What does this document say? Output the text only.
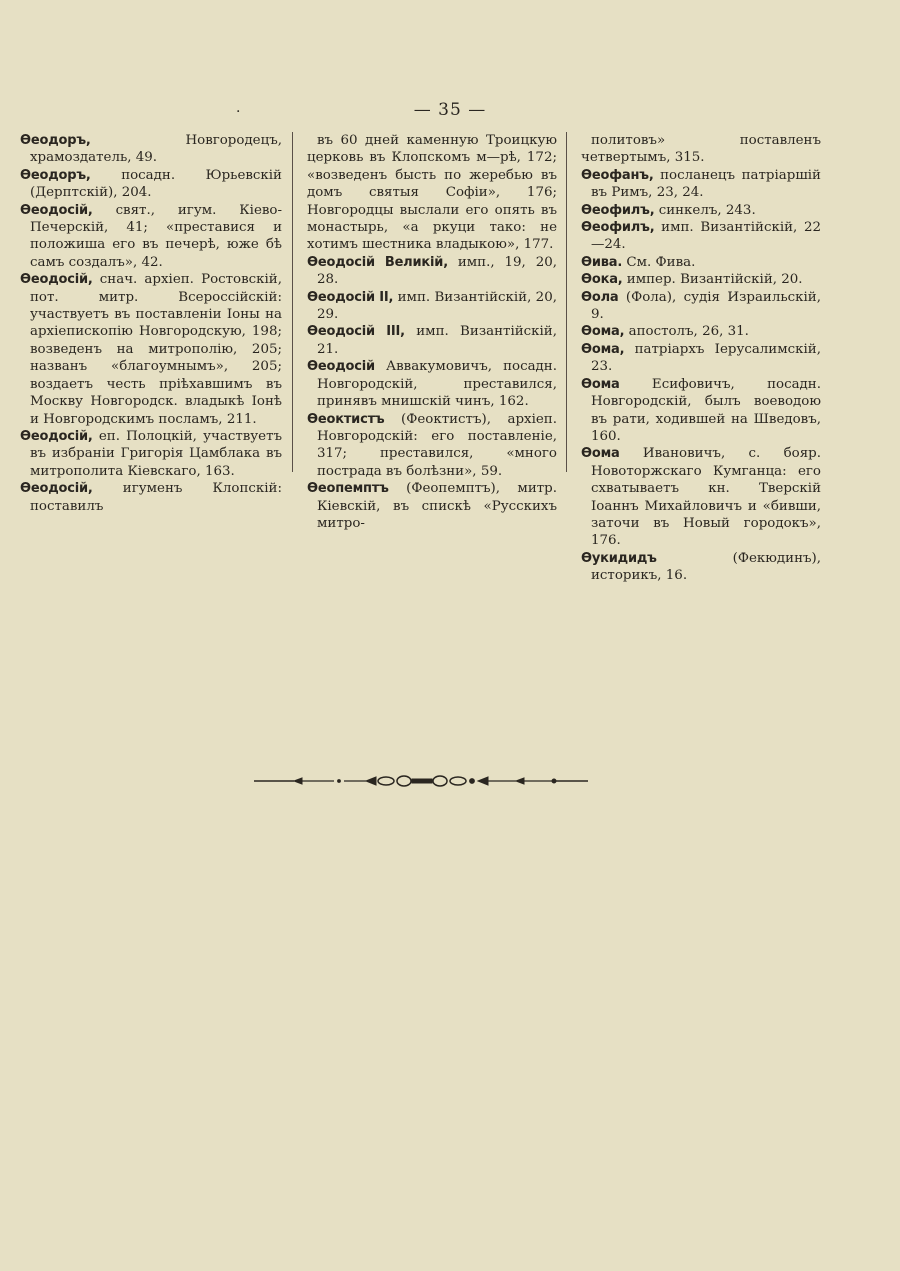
·	— 35 —

Ѳеодоръ,	Новгородецъ, храмоздатель, 49.

Ѳеодоръ, посадн. Юрьевскій (Дерптскій), 204.

Ѳеодосій, свят., игум. Кіево-Печерскій, 41; «преставися и положиша его въ печерѣ, юже бѣ самъ создалъ», 42.

Ѳеодосій, снач. архіеп. Ростовскій, пот. митр. Всероссійскій: участвуетъ въ поставленіи Іоны на архіепископію Новгородскую, 198; возведенъ на митрополію, 205; названъ «благоумнымъ», 205; воздаетъ честь пріѣхавшимъ въ Москву Новгородск. владыкѣ Іонѣ и Новгородскимъ посламъ, 211.

Ѳеодосій, еп. Полоцкій, участвуетъ въ избраніи Григорія Цамблака въ митрополита Кіевскаго, 163.

Ѳеодосій, игуменъ Клопскій: поставилъ

въ 60 дней каменную Троицкую церковь въ Клопскомъ м—рѣ, 172; «возведенъ бысть по жеребью въ домъ святыя Софіи», 176; Новгородцы выслали его опять въ монастырь, «а ркуци тако: не хотимъ шестника владыкою», 177.

Ѳеодосій Великій, имп., 19, 20, 28.

Ѳеодосій II, имп. Византійскій, 20, 29.

Ѳеодосій III, имп. Византійскій, 21.

Ѳеодосій Аввакумовичъ, посадн. Новгородскій, преставился, принявъ мнишскій чинъ, 162.

Ѳеоктистъ (Феоктистъ), архіеп. Новгородскій: его поставленіе, 317; преставился, «много пострада въ болѣзни», 59.

Ѳеопемптъ (Феопемптъ), митр. Кіевскій, въ спискѣ «Русскихъ митро-

политовъ» поставленъ четвертымъ, 315.

Ѳеофанъ, посланецъ патріаршій въ Римъ, 23, 24.

Ѳеофилъ, синкелъ, 243.

Ѳеофилъ, имп. Византійскій, 22—24.

Ѳива. См. Фива.

Ѳока, импер. Византійскій, 20.

Ѳола (Фола), судія Израильскій, 9.

Ѳома, апостолъ, 26, 31.

Ѳома, патріархъ Іерусалимскій, 23.

Ѳома Есифовичъ, посадн. Новгородскій, былъ воеводою въ рати, ходившей на Шведовъ, 160.

Ѳома Ивановичъ, с. бояр. Новоторжскаго Кумганца: его схватываетъ кн. Тверскій Іоаннъ Михайловичъ и «бивши, заточи въ Новый городокъ», 176.

Ѳукидидъ	(Фекюдинъ), историкъ, 16.
